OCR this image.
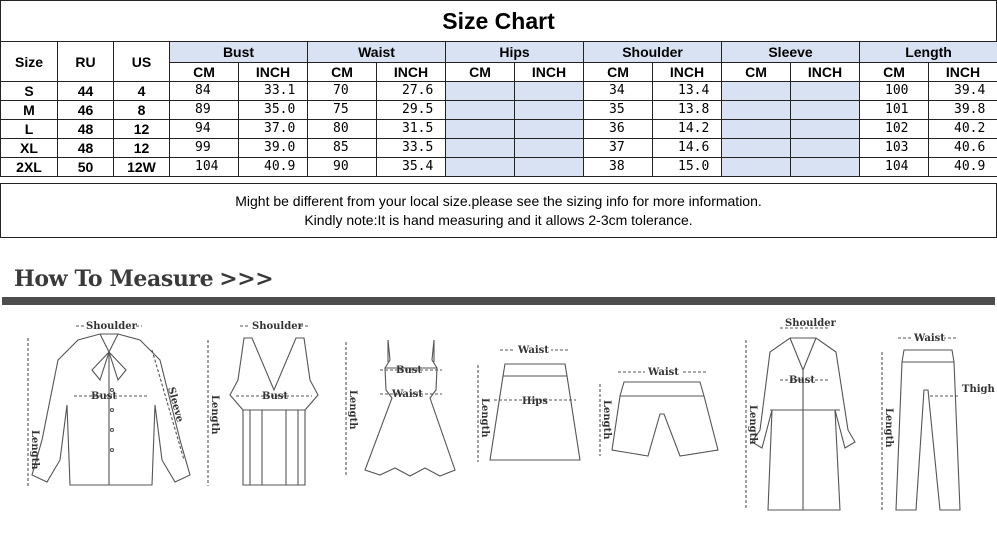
Size Chart
Size	RU	US	Bust		Waist		Hips		Shoulder		Sleeve		Length	
			CM	INCH	CM	INCH	CM	INCH	CM	INCH	CM	INCH	CM	INCH
S	44	4	84	33.1	70	27.6			34	13.4			100	39.4
M	46	8	89	35.0	75	29.5			35	13.8			101	39.8
L	48	12	94	37.0	80	31.5			36	14.2			102	40.2
XL	48	12	99	39.0	85	33.5			37	14.6			103	40.6
2XL	50	12W	104	40.9	90	35.4			38	15.0			104	40.9
Might be different from your local size.please see the sizing info for more information.
Kindly note:It is hand measuring and it allows 2-3cm tolerance.
How To Measure >>>
Shoulder
Bust
Length
Sleeve
Shoulder
Bust
Length
Bust
Waist
Length
Waist
Hips
Length
Waist
Length
Shoulder
Bust
Length
Waist
Thigh
Length
